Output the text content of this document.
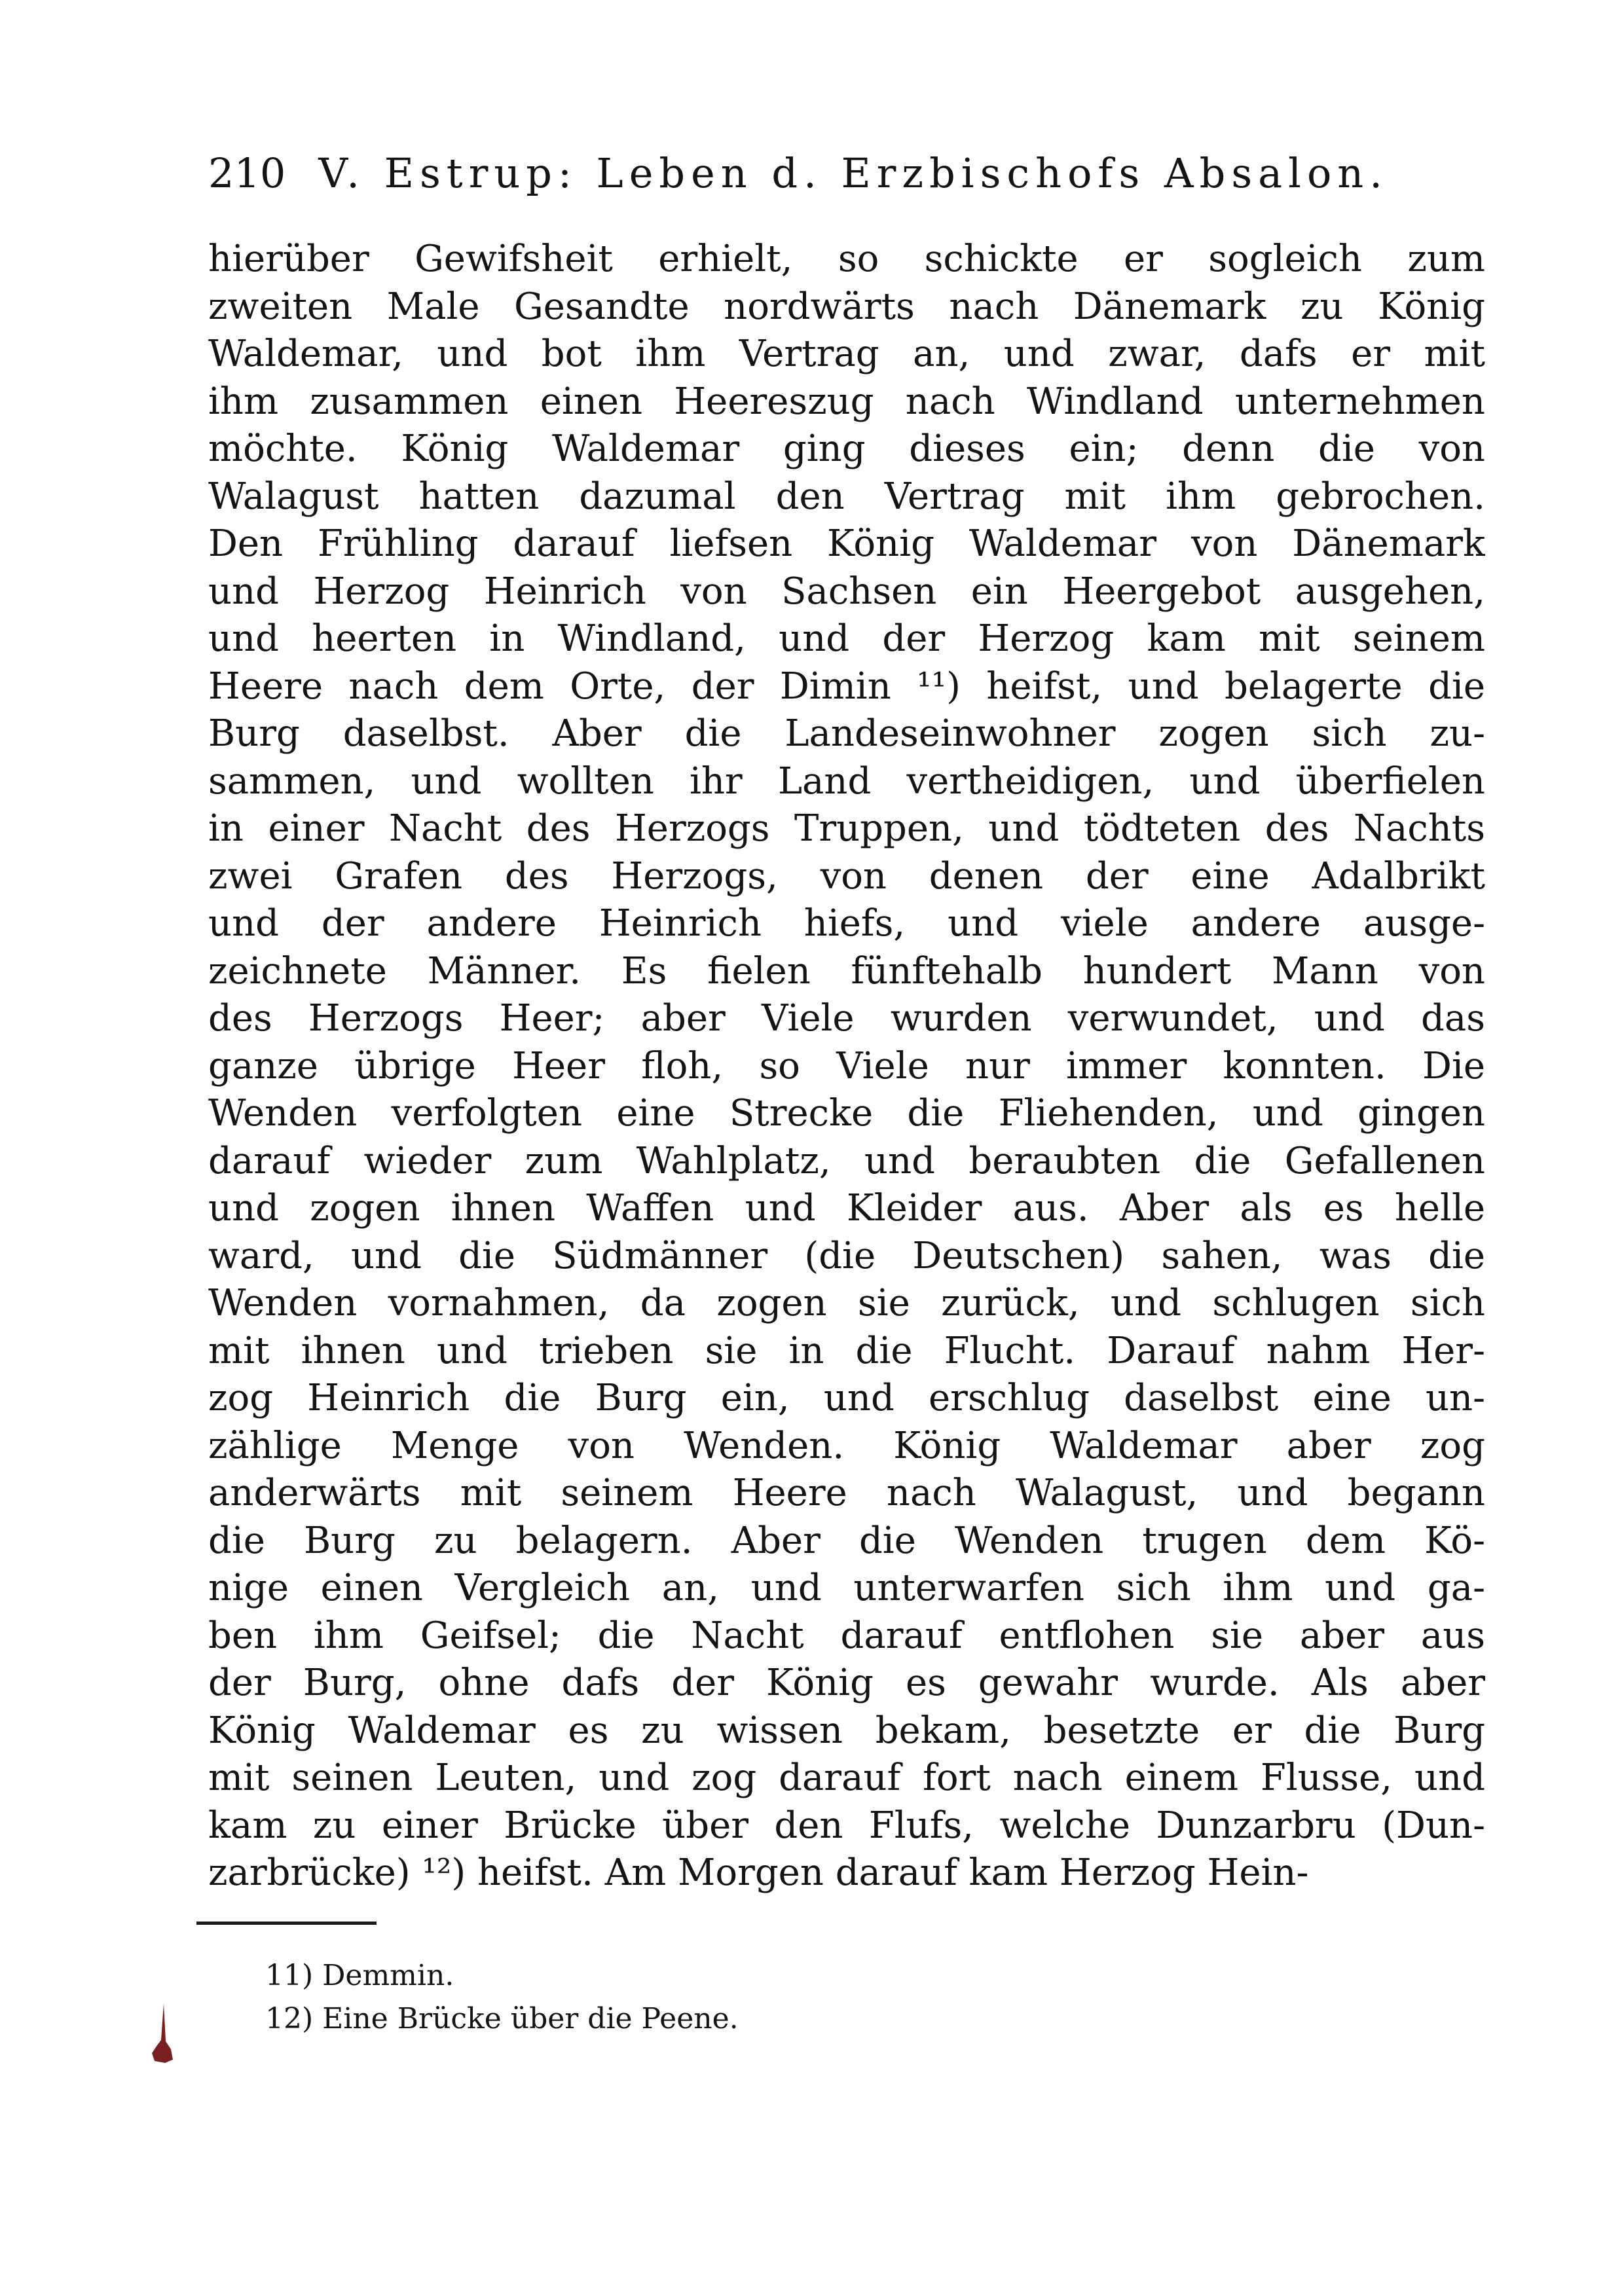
210 V. Estrup: Leben d. Erzbischofs Absalon.
hierüber Gewifsheit erhielt, so schickte er sogleich zum
zweiten Male Gesandte nordwärts nach Dänemark zu König
Waldemar, und bot ihm Vertrag an, und zwar, dafs er mit
ihm zusammen einen Heereszug nach Windland unternehmen
möchte. König Waldemar ging dieses ein; denn die von
Walagust hatten dazumal den Vertrag mit ihm gebrochen.
Den Frühling darauf liefsen König Waldemar von Dänemark
und Herzog Heinrich von Sachsen ein Heergebot ausgehen,
und heerten in Windland, und der Herzog kam mit seinem
Heere nach dem Orte, der Dimin ¹¹) heifst, und belagerte die
Burg daselbst. Aber die Landeseinwohner zogen sich zu-
sammen, und wollten ihr Land vertheidigen, und überfielen
in einer Nacht des Herzogs Truppen, und tödteten des Nachts
zwei Grafen des Herzogs, von denen der eine Adalbrikt
und der andere Heinrich hiefs, und viele andere ausge-
zeichnete Männer. Es fielen fünftehalb hundert Mann von
des Herzogs Heer; aber Viele wurden verwundet, und das
ganze übrige Heer floh, so Viele nur immer konnten. Die
Wenden verfolgten eine Strecke die Fliehenden, und gingen
darauf wieder zum Wahlplatz, und beraubten die Gefallenen
und zogen ihnen Waffen und Kleider aus. Aber als es helle
ward, und die Südmänner (die Deutschen) sahen, was die
Wenden vornahmen, da zogen sie zurück, und schlugen sich
mit ihnen und trieben sie in die Flucht. Darauf nahm Her-
zog Heinrich die Burg ein, und erschlug daselbst eine un-
zählige Menge von Wenden. König Waldemar aber zog
anderwärts mit seinem Heere nach Walagust, und begann
die Burg zu belagern. Aber die Wenden trugen dem Kö-
nige einen Vergleich an, und unterwarfen sich ihm und ga-
ben ihm Geifsel; die Nacht darauf entflohen sie aber aus
der Burg, ohne dafs der König es gewahr wurde. Als aber
König Waldemar es zu wissen bekam, besetzte er die Burg
mit seinen Leuten, und zog darauf fort nach einem Flusse, und
kam zu einer Brücke über den Flufs, welche Dunzarbru (Dun-
zarbrücke) ¹²) heifst. Am Morgen darauf kam Herzog Hein-
11) Demmin.
12) Eine Brücke über die Peene.
